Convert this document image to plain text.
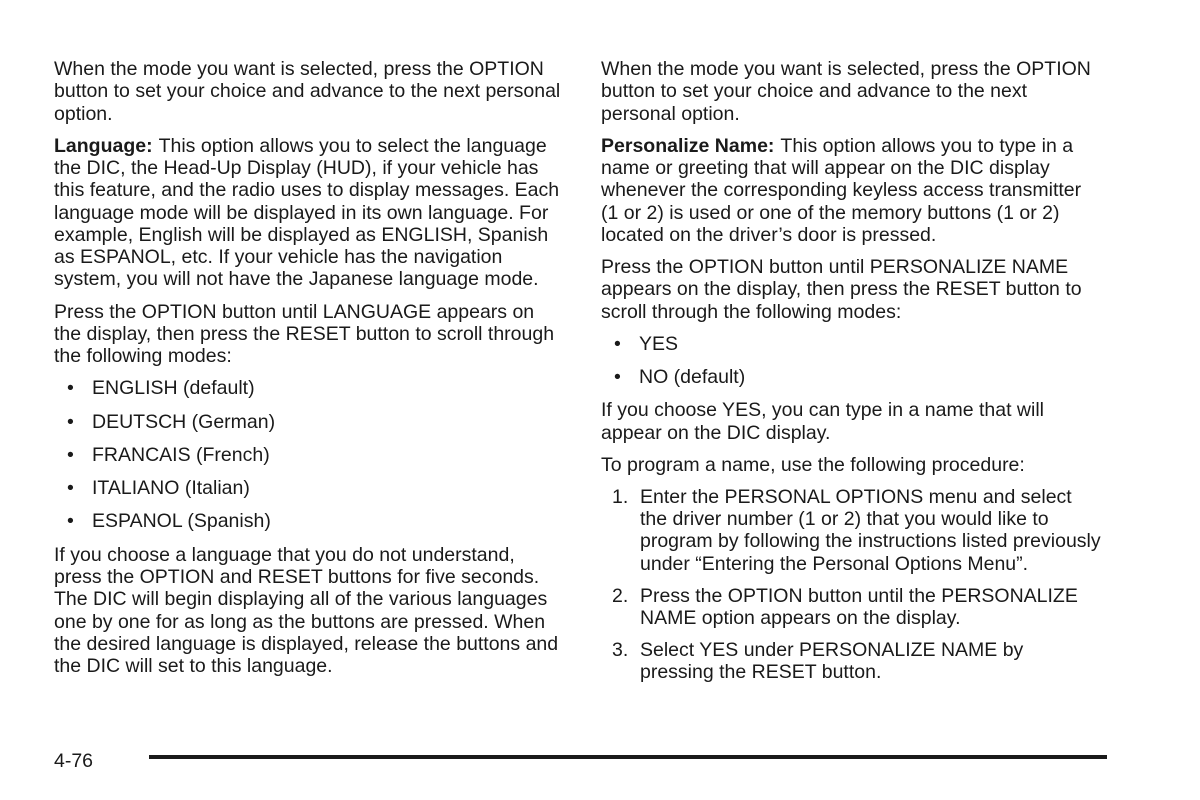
When the mode you want is selected, press the OPTION button to set your choice and advance to the next personal option.

Language: This option allows you to select the language the DIC, the Head-Up Display (HUD), if your vehicle has this feature, and the radio uses to display messages. Each language mode will be displayed in its own language. For example, English will be displayed as ENGLISH, Spanish as ESPANOL, etc. If your vehicle has the navigation system, you will not have the Japanese language mode.

Press the OPTION button until LANGUAGE appears on the display, then press the RESET button to scroll through the following modes:

• ENGLISH (default)
• DEUTSCH (German)
• FRANCAIS (French)
• ITALIANO (Italian)
• ESPANOL (Spanish)

If you choose a language that you do not understand, press the OPTION and RESET buttons for five seconds. The DIC will begin displaying all of the various languages one by one for as long as the buttons are pressed. When the desired language is displayed, release the buttons and the DIC will set to this language.

When the mode you want is selected, press the OPTION button to set your choice and advance to the next personal option.

Personalize Name: This option allows you to type in a name or greeting that will appear on the DIC display whenever the corresponding keyless access transmitter (1 or 2) is used or one of the memory buttons (1 or 2) located on the driver’s door is pressed.

Press the OPTION button until PERSONALIZE NAME appears on the display, then press the RESET button to scroll through the following modes:

• YES
• NO (default)

If you choose YES, you can type in a name that will appear on the DIC display.

To program a name, use the following procedure:

1. Enter the PERSONAL OPTIONS menu and select the driver number (1 or 2) that you would like to program by following the instructions listed previously under “Entering the Personal Options Menu”.
2. Press the OPTION button until the PERSONALIZE NAME option appears on the display.
3. Select YES under PERSONALIZE NAME by pressing the RESET button.
4-76
